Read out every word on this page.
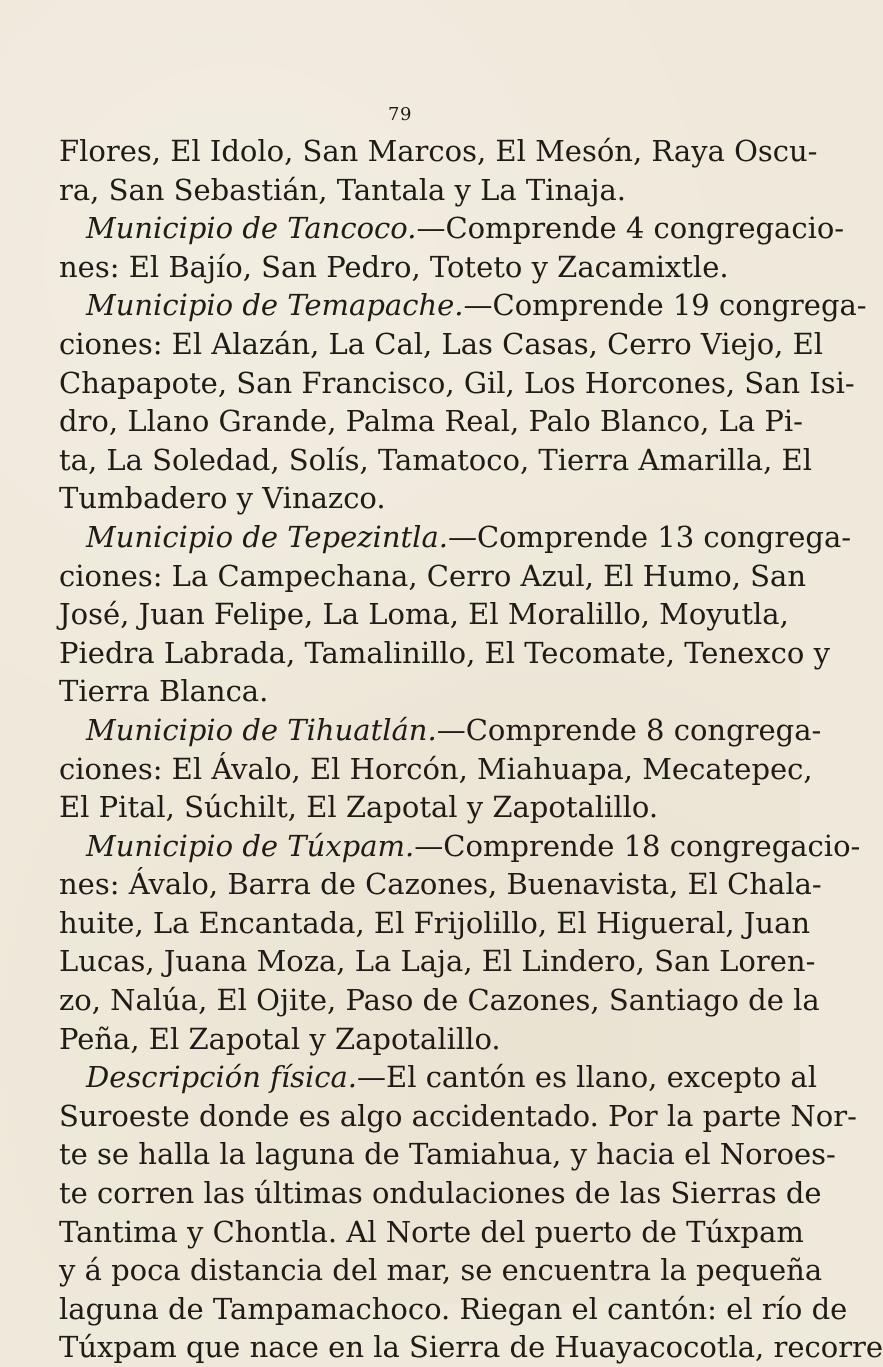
79
Flores, El Idolo, San Marcos, El Mesón, Raya Oscu-
ra, San Sebastián, Tantala y La Tinaja.
Municipio de Tancoco.—Comprende 4 congregacio-
nes: El Bajío, San Pedro, Toteto y Zacamixtle.
Municipio de Temapache.—Comprende 19 congrega-
ciones: El Alazán, La Cal, Las Casas, Cerro Viejo, El
Chapapote, San Francisco, Gil, Los Horcones, San Isi-
dro, Llano Grande, Palma Real, Palo Blanco, La Pi-
ta, La Soledad, Solís, Tamatoco, Tierra Amarilla, El
Tumbadero y Vinazco.
Municipio de Tepezintla.—Comprende 13 congrega-
ciones: La Campechana, Cerro Azul, El Humo, San
José, Juan Felipe, La Loma, El Moralillo, Moyutla,
Piedra Labrada, Tamalinillo, El Tecomate, Tenexco y
Tierra Blanca.
Municipio de Tihuatlán.—Comprende 8 congrega-
ciones: El Ávalo, El Horcón, Miahuapa, Mecatepec,
El Pital, Súchilt, El Zapotal y Zapotalillo.
Municipio de Túxpam.—Comprende 18 congregacio-
nes: Ávalo, Barra de Cazones, Buenavista, El Chala-
huite, La Encantada, El Frijolillo, El Higueral, Juan
Lucas, Juana Moza, La Laja, El Lindero, San Loren-
zo, Nalúa, El Ojite, Paso de Cazones, Santiago de la
Peña, El Zapotal y Zapotalillo.
Descripción física.—El cantón es llano, excepto al
Suroeste donde es algo accidentado. Por la parte Nor-
te se halla la laguna de Tamiahua, y hacia el Noroes-
te corren las últimas ondulaciones de las Sierras de
Tantima y Chontla. Al Norte del puerto de Túxpam
y á poca distancia del mar, se encuentra la pequeña
laguna de Tampamachoco. Riegan el cantón: el río de
Túxpam que nace en la Sierra de Huayacocotla, recorre
